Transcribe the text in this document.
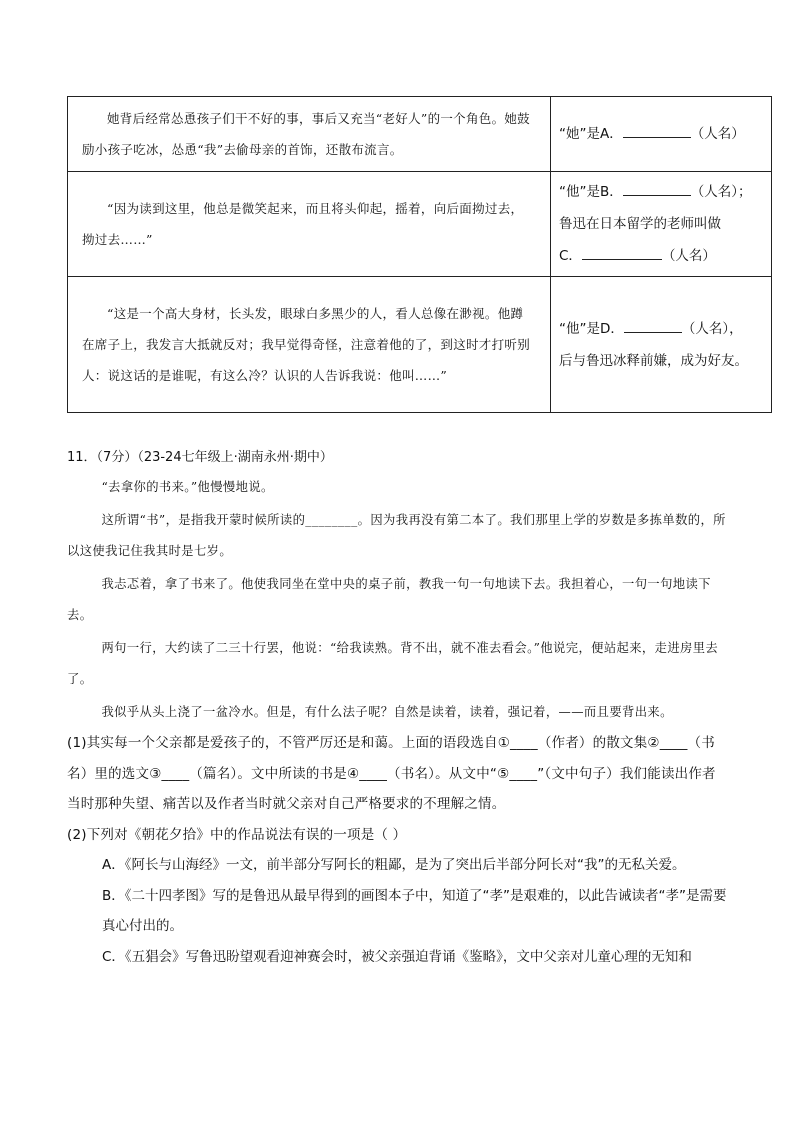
她背后经常怂恿孩子们干不好的事，事后又充当“老好人”的一个角色。她鼓励小孩子吃冰，怂恿“我”去偷母亲的首饰，还散布流言。	“她”是A． （人名）

“因为读到这里，他总是微笑起来，而且将头仰起，摇着，向后面拗过去，拗过去……”	“他”是B． （人名）；

鲁迅在日本留学的老师叫做

C． （人名）

“这是一个高大身材，长头发，眼球白多黑少的人，看人总像在渺视。他蹲在席子上，我发言大抵就反对；我早觉得奇怪，注意着他的了，到这时才打听别人：说这话的是谁呢，有这么冷？认识的人告诉我说：他叫……”	“他”是D． （人名），

后与鲁迅冰释前嫌，成为好友。

11．（7分）（23-24七年级上·湖南永州·期中）

“去拿你的书来。”他慢慢地说。

这所谓“书”，是指我开蒙时候所读的________。因为我再没有第二本了。我们那里上学的岁数是多拣单数的，所以这使我记住我其时是七岁。

我忐忑着，拿了书来了。他使我同坐在堂中央的桌子前，教我一句一句地读下去。我担着心，一句一句地读下去。

两句一行，大约读了二三十行罢，他说：“给我读熟。背不出，就不准去看会。”他说完，便站起来，走进房里去了。

我似乎从头上浇了一盆冷水。但是，有什么法子呢？自然是读着，读着，强记着，——而且要背出来。

(1)其实每一个父亲都是爱孩子的，不管严厉还是和蔼。上面的语段选自①____（作者）的散文集②____（书名）里的选文③____（篇名）。文中所读的书是④____（书名）。从文中“⑤____”（文中句子）我们能读出作者当时那种失望、痛苦以及作者当时就父亲对自己严格要求的不理解之情。

(2)下列对《朝花夕拾》中的作品说法有误的一项是（ ）

A．《阿长与山海经》一文，前半部分写阿长的粗鄙，是为了突出后半部分阿长对“我”的无私关爱。

B．《二十四孝图》写的是鲁迅从最早得到的画图本子中，知道了“孝”是艰难的，以此告诫读者“孝”是需要真心付出的。

C．《五猖会》写鲁迅盼望观看迎神赛会时，被父亲强迫背诵《鉴略》，文中父亲对儿童心理的无知和
